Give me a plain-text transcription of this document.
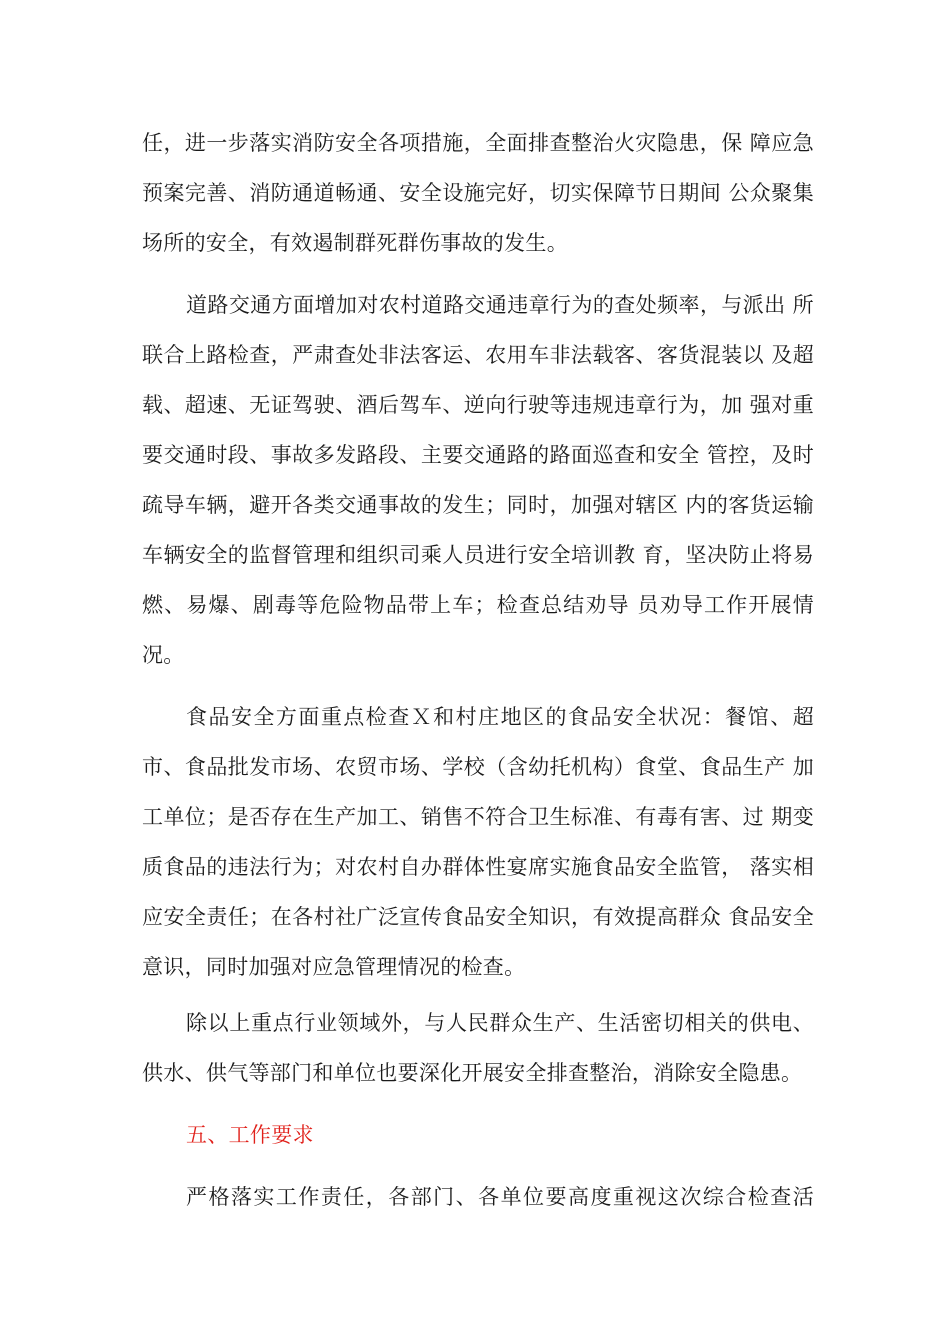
任，进一步落实消防安全各项措施，全面排查整治火灾隐患，保 障应急
预案完善、消防通道畅通、安全设施完好，切实保障节日期间 公众聚集
场所的安全，有效遏制群死群伤事故的发生。
道路交通方面增加对农村道路交通违章行为的查处频率，与派出 所
联合上路检查，严肃查处非法客运、农用车非法载客、客货混装以 及超
载、超速、无证驾驶、酒后驾车、逆向行驶等违规违章行为，加 强对重
要交通时段、事故多发路段、主要交通路的路面巡查和安全 管控，及时
疏导车辆，避开各类交通事故的发生；同时，加强对辖区 内的客货运输
车辆安全的监督管理和组织司乘人员进行安全培训教 育，坚决防止将易
燃、易爆、剧毒等危险物品带上车；检查总结劝导 员劝导工作开展情
况。
食品安全方面重点检查Ｘ和村庄地区的食品安全状况：餐馆、超
市、食品批发市场、农贸市场、学校（含幼托机构）食堂、食品生产 加
工单位；是否存在生产加工、销售不符合卫生标准、有毒有害、过 期变
质食品的违法行为；对农村自办群体性宴席实施食品安全监管， 落实相
应安全责任；在各村社广泛宣传食品安全知识，有效提高群众 食品安全
意识，同时加强对应急管理情况的检查。
除以上重点行业领域外，与人民群众生产、生活密切相关的供电、
供水、供气等部门和单位也要深化开展安全排查整治，消除安全隐患。
五、工作要求
严格落实工作责任，各部门、各单位要高度重视这次综合检查活
